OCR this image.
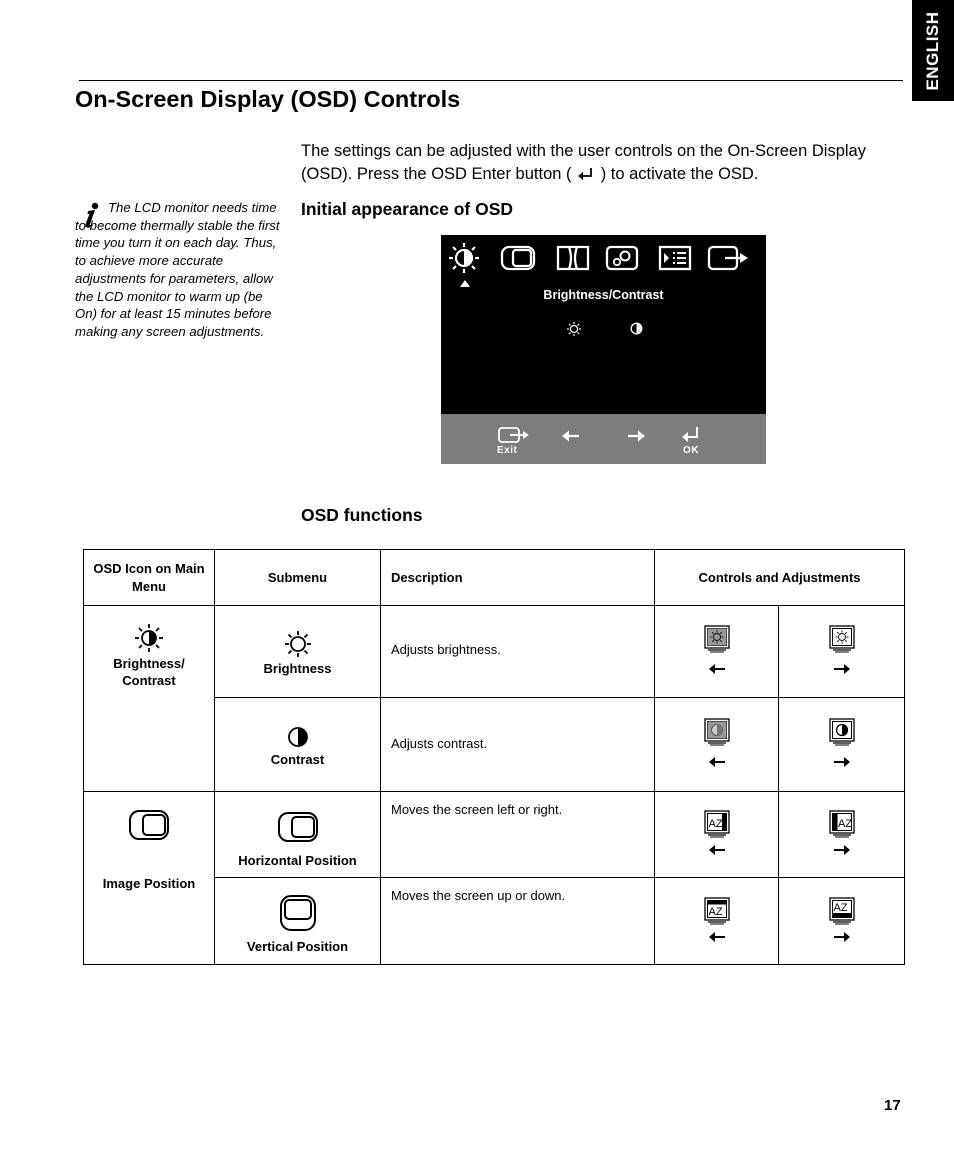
ENGLISH
On-Screen Display (OSD) Controls

The settings can be adjusted with the user controls on the On-Screen Display (OSD). Press the OSD Enter button ( ) to activate the OSD.

The LCD monitor needs time to become thermally stable the first time you turn it on each day. Thus, to achieve more accurate adjustments for parameters, allow the LCD monitor to warm up (be On) for at least 15 minutes before making any screen adjustments.

Initial appearance of OSD
Brightness/Contrast
Exit	OK
OSD functions
OSD Icon on Main Menu	Submenu	Description	Controls and Adjustments	

Brightness/ Contrast	Brightness	Adjusts brightness.	

	Contrast	Adjusts contrast.	

Image Position	Horizontal Position	Moves the screen left or right.	AZ	AZ

	Vertical Position	Moves the screen up or down.	AZ	AZ

17
